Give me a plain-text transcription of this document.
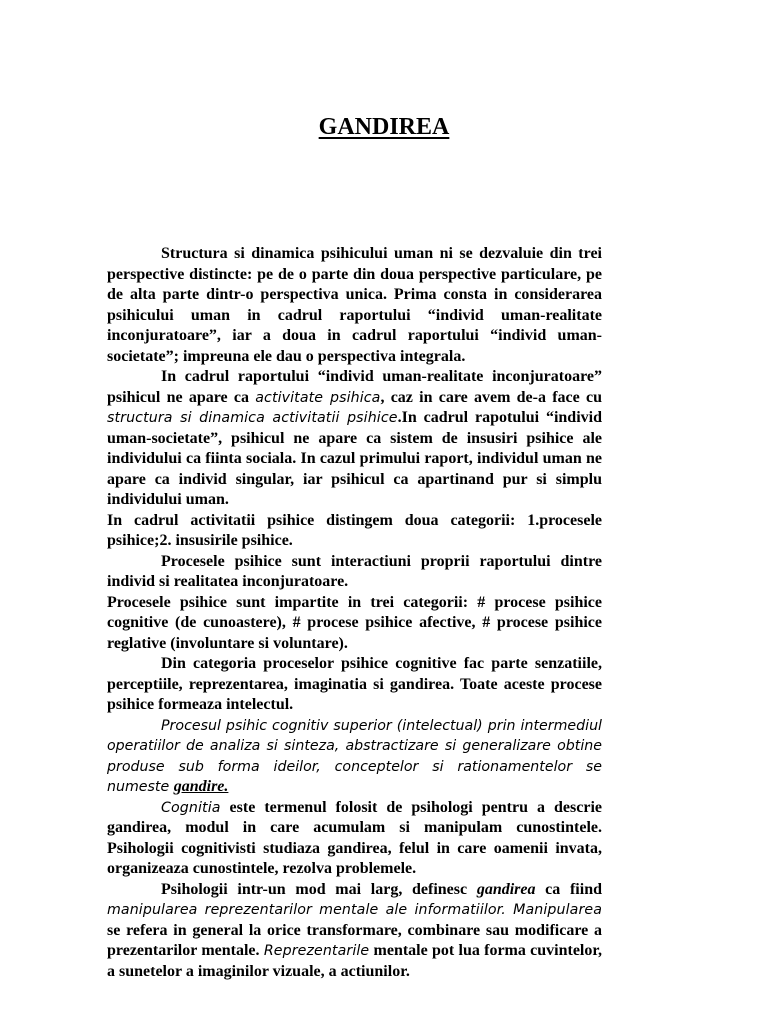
GANDIREA

Structura si dinamica psihicului uman ni se dezvaluie din trei perspective distincte: pe de o parte din doua perspective particulare, pe de alta parte dintr-o perspectiva unica. Prima consta in considerarea psihicului uman in cadrul raportului “individ uman-realitate inconjuratoare”, iar a doua in cadrul raportului “individ uman-societate”; impreuna ele dau o perspectiva integrala.

In cadrul raportului “individ uman-realitate inconjuratoare” psihicul ne apare ca activitate psihica, caz in care avem de-a face cu structura si dinamica activitatii psihice.In cadrul rapotului “individ uman-societate”, psihicul ne apare ca sistem de insusiri psihice ale individului ca fiinta sociala. In cazul primului raport, individul uman ne apare ca individ singular, iar psihicul ca apartinand pur si simplu individului uman.

In cadrul activitatii psihice distingem doua categorii: 1.procesele psihice;2. insusirile psihice.

Procesele psihice sunt interactiuni proprii raportului dintre individ si realitatea inconjuratoare.

Procesele psihice sunt impartite in trei categorii: # procese psihice cognitive (de cunoastere), # procese psihice afective, # procese psihice reglative (involuntare si voluntare).

Din categoria proceselor psihice cognitive fac parte senzatiile, perceptiile, reprezentarea, imaginatia si gandirea. Toate aceste procese psihice formeaza intelectul.

Procesul psihic cognitiv superior (intelectual) prin intermediul operatiilor de analiza si sinteza, abstractizare si generalizare obtine produse sub forma ideilor, conceptelor si rationamentelor se numeste gandire.

Cognitia este termenul folosit de psihologi pentru a descrie gandirea, modul in care acumulam si manipulam cunostintele. Psihologii cognitivisti studiaza gandirea, felul in care oamenii invata, organizeaza cunostintele, rezolva problemele.

Psihologii intr-un mod mai larg, definesc gandirea ca fiind manipularea reprezentarilor mentale ale informatiilor. Manipularea se refera in general la orice transformare, combinare sau modificare a prezentarilor mentale. Reprezentarile mentale pot lua forma cuvintelor, a sunetelor a imaginilor vizuale, a actiunilor.
